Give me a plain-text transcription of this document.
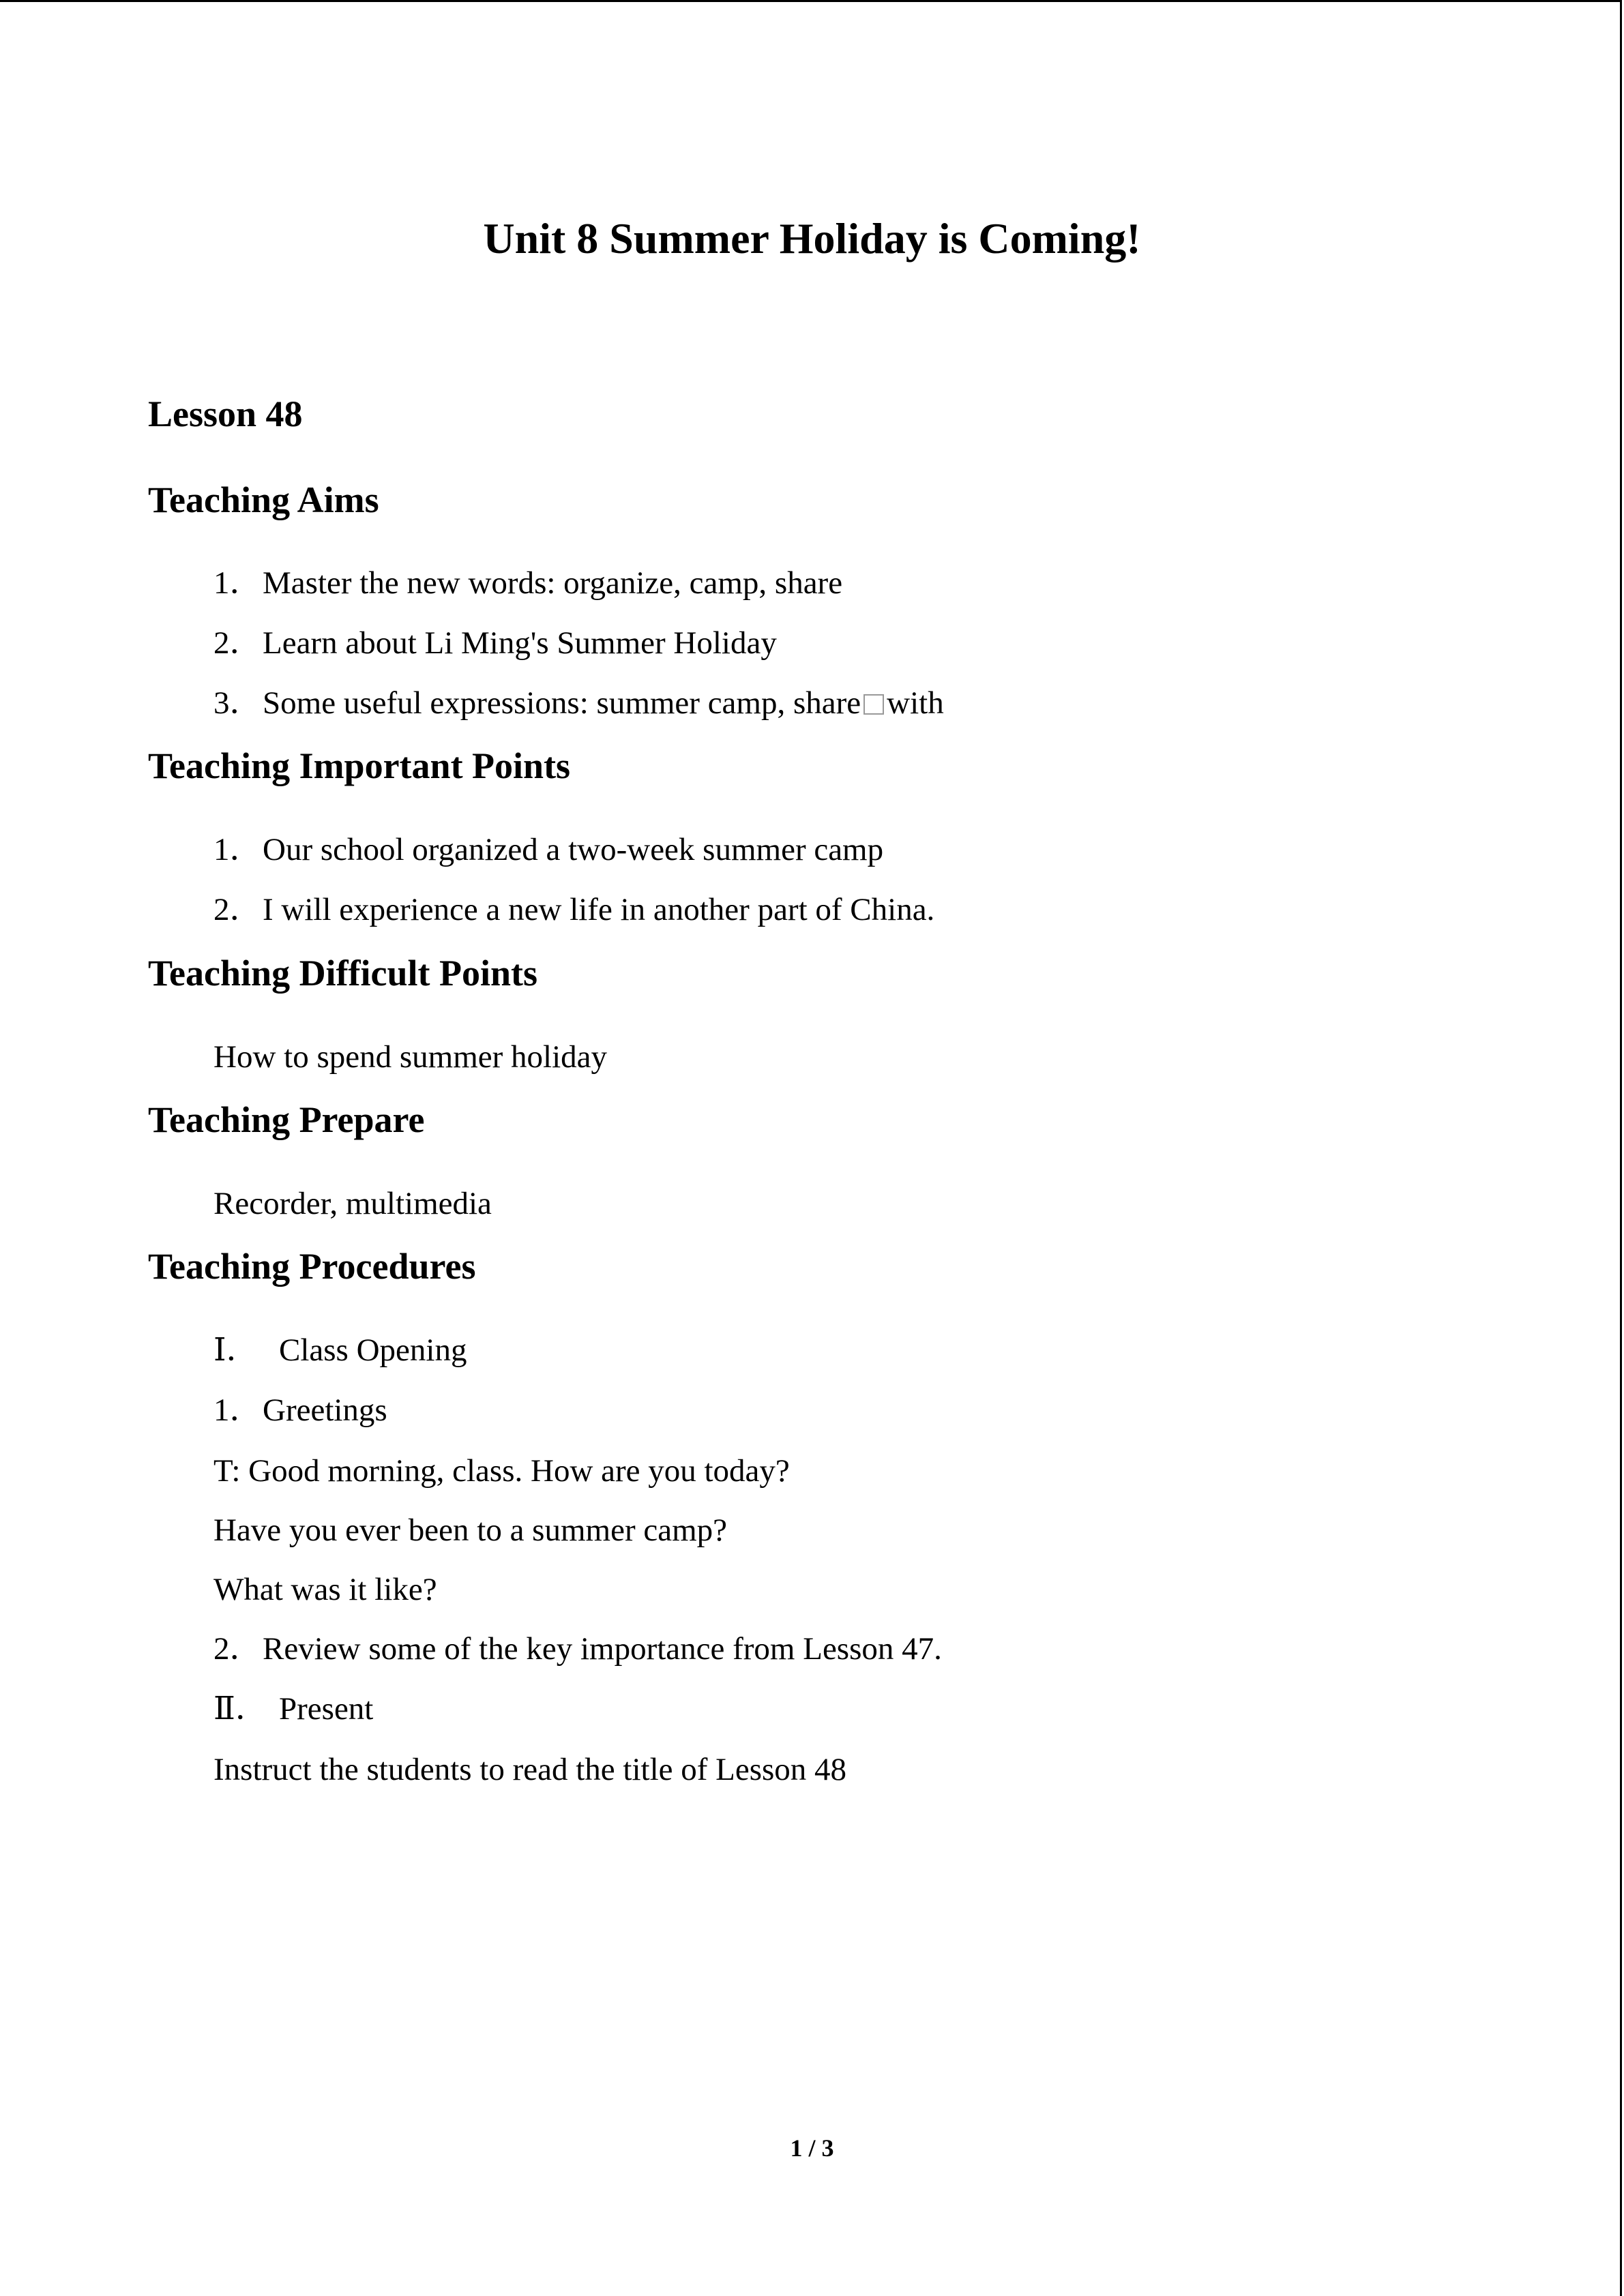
Unit 8 Summer Holiday is Coming!
Lesson 48
Teaching Aims
1．Master the new words: organize, camp, share
2．Learn about Li Ming's Summer Holiday
3．Some useful expressions: summer camp, share with
Teaching Important Points
1．Our school organized a two-week summer camp
2．I will experience a new life in another part of China.
Teaching Difficult Points
How to spend summer holiday
Teaching Prepare
Recorder, multimedia
Teaching Procedures
Ⅰ． Class Opening
1．Greetings
T: Good morning, class. How are you today?
Have you ever been to a summer camp?
What was it like?
2．Review some of the key importance from Lesson 47.
Ⅱ． Present
Instruct the students to read the title of Lesson 48
1 / 3
